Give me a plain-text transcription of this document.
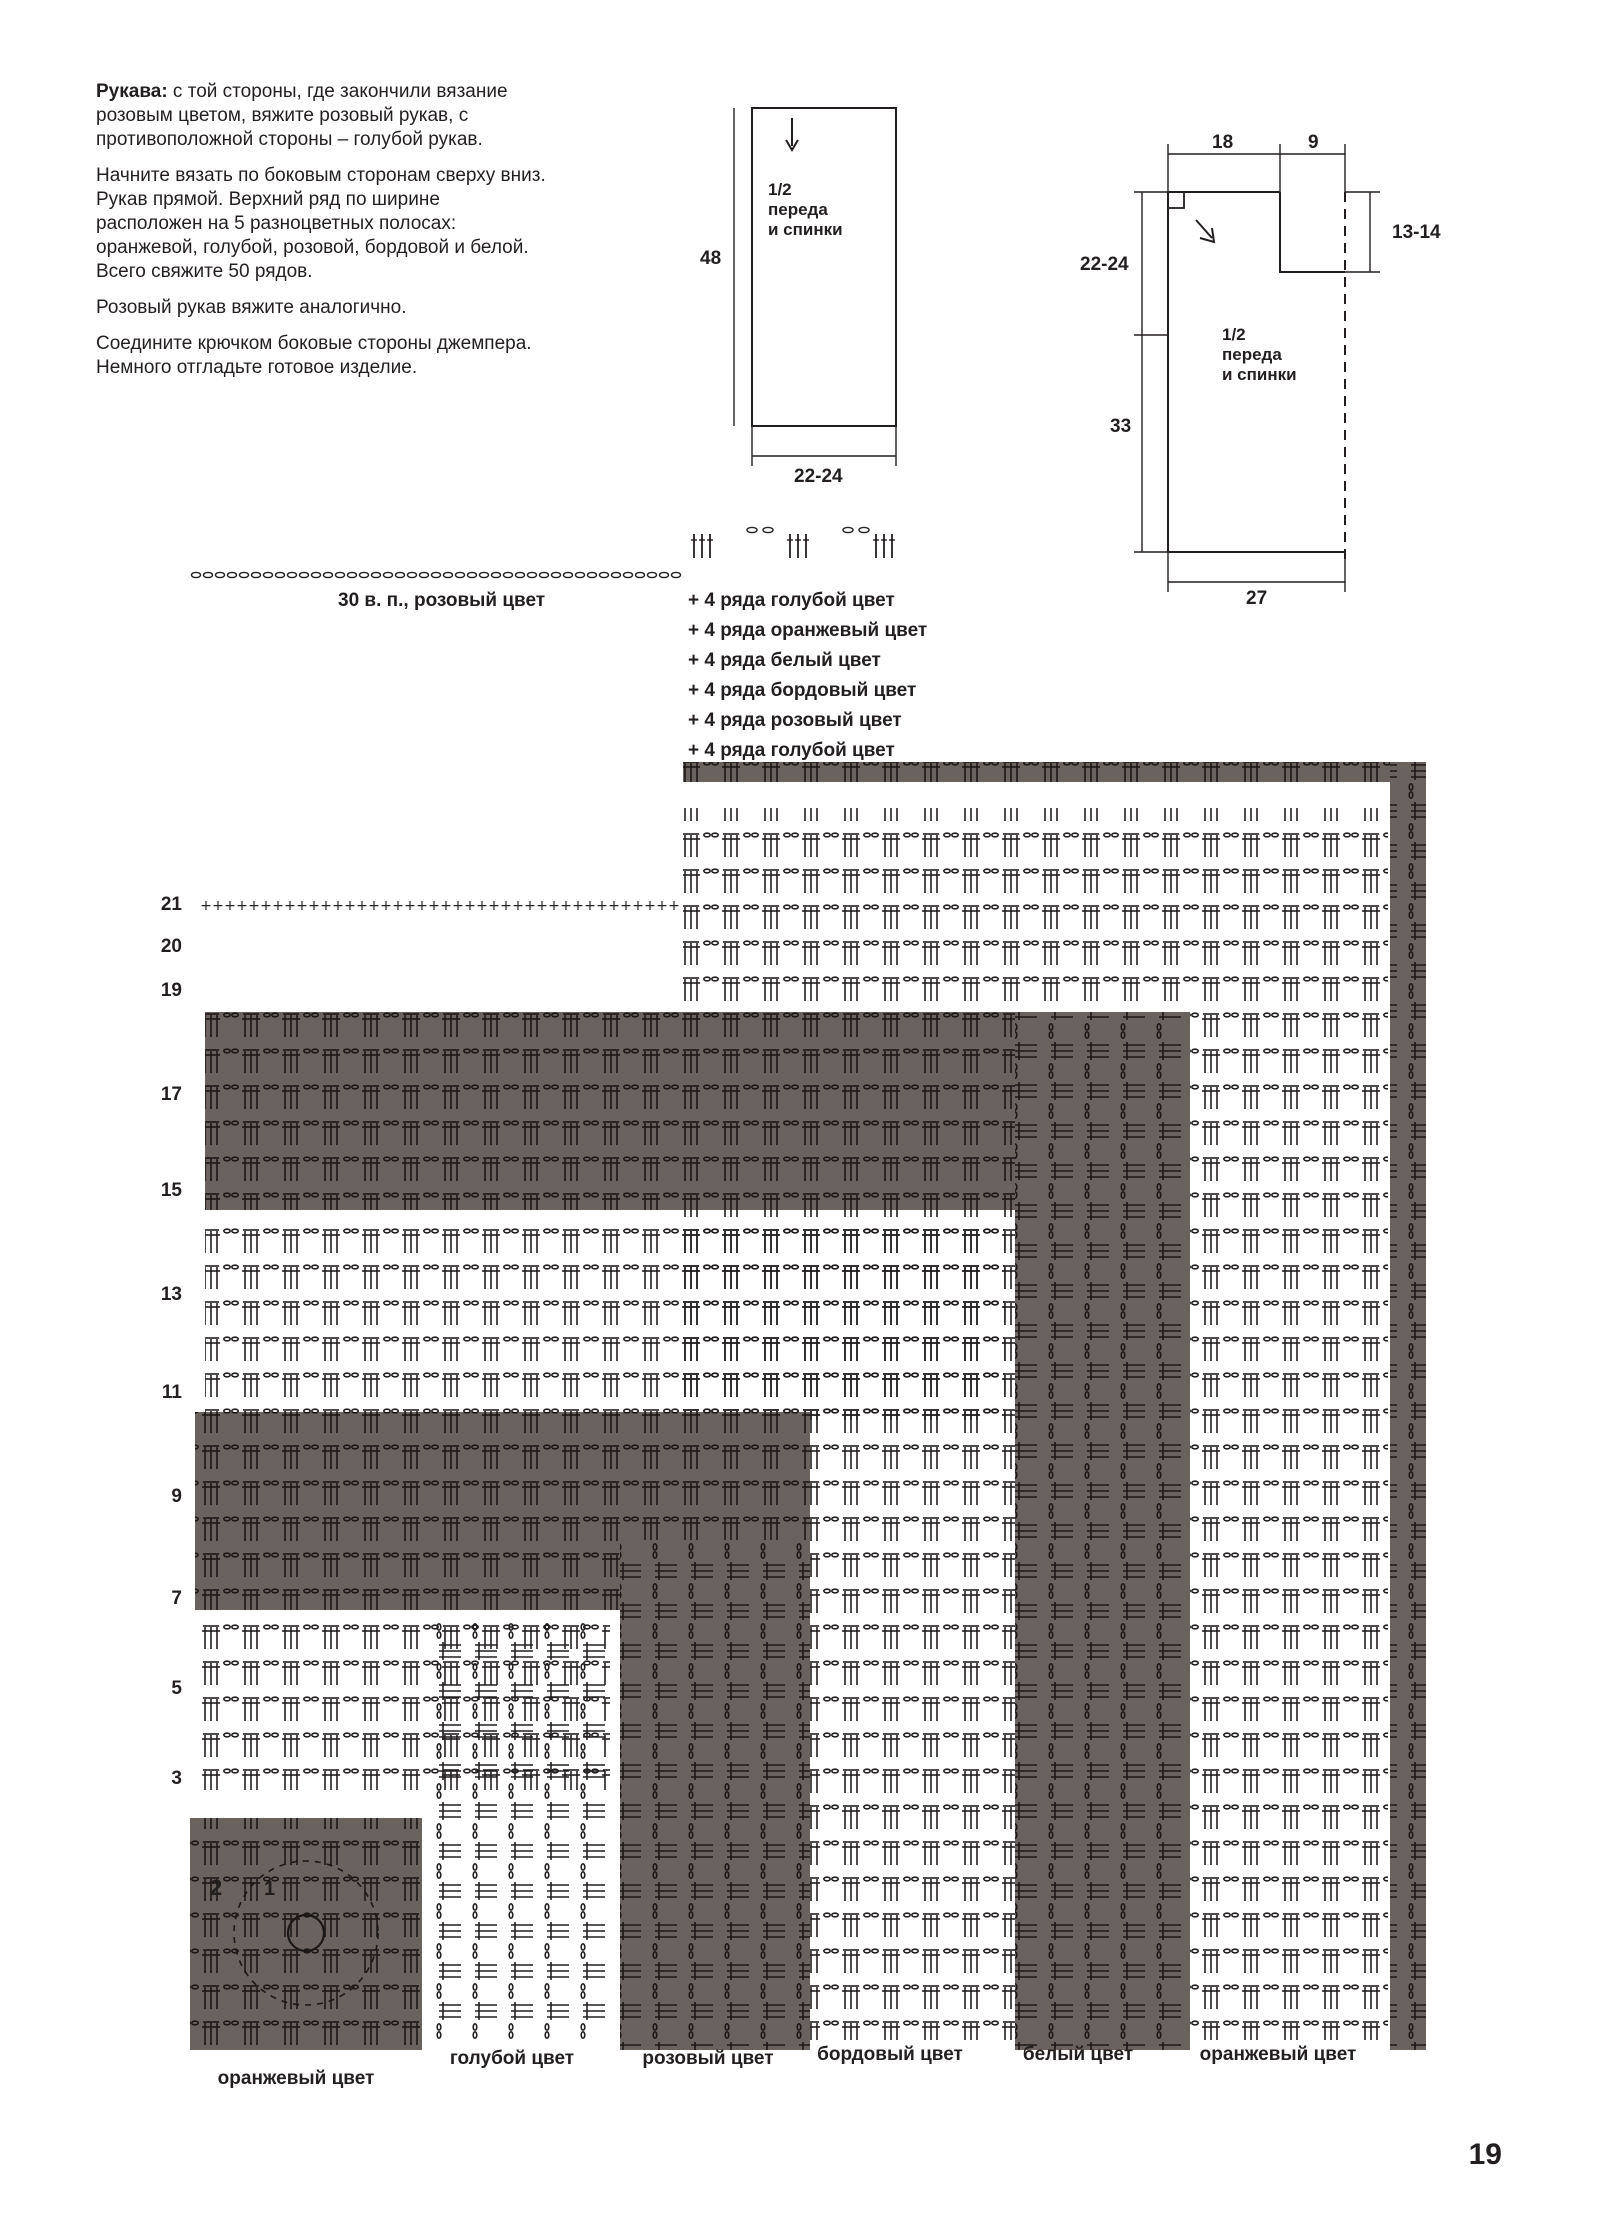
Рукава: с той стороны, где закончили вязание розовым цветом, вяжите розовый рукав, с противоположной стороны – голубой рукав.

Начните вязать по боковым сторонам сверху вниз. Рукав прямой. Верхний ряд по ширине расположен на 5 разноцветных полосах: оранжевой, голубой, розовой, бордовой и белой. Всего свяжите 50 рядов.

Розовый рукав вяжите аналогично.

Соедините крючком боковые стороны джемпера. Немного отгладьте готовое изделие.

1/2 переда и спинки
48
22-24
1/2 переда и спинки
18	9
13-14
22-24
33
27
30 в. п., розовый цвет	+ 4 ряда голубой цвет
+ 4 ряда оранжевый цвет
+ 4 ряда белый цвет
+ 4 ряда бордовый цвет
+ 4 ряда розовый цвет
+ 4 ряда голубой цвет
2 1
21
20
19
17
15
13
11
9
7
5
3
+ + + + + + + + + + + + + + + + + + + + + + + + + + + + + + + + + + + + + + + +
оранжевый цвет
голубой цвет	розовый цвет бордовый цвет	белый цвет	оранжевый цвет
19
